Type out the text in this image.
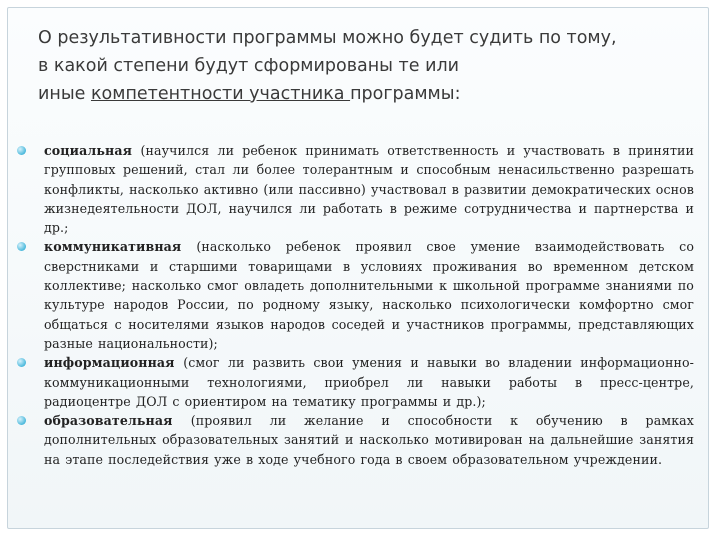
О результативности программы можно будет судить по тому,
в какой степени будут сформированы те или
иные компетентности участника программы:

социальная (научился ли ребенок принимать ответственность и участвовать в принятии групповых решений, стал ли более толерантным и способным ненасильственно разрешать конфликты, насколько активно (или пассивно) участвовал в развитии демократических основ жизнедеятельности ДОЛ, научился ли работать в режиме сотрудничества и партнерства и др.;

коммуникативная (насколько ребенок проявил свое умение взаимодействовать со сверстниками и старшими товарищами в условиях проживания во временном детском коллективе; насколько смог овладеть дополнительными к школьной программе знаниями по культуре народов России, по родному языку, насколько психологически комфортно смог общаться с носителями языков народов соседей и участников программы, представляющих разные национальности);

информационная (смог ли развить свои умения и навыки во владении информационно-коммуникационными технологиями, приобрел ли навыки работы в пресс-центре, радиоцентре ДОЛ с ориентиром на тематику программы и др.);

образовательная (проявил ли желание и способности к обучению в рамках дополнительных образовательных занятий и насколько мотивирован на дальнейшие занятия на этапе последействия уже в ходе учебного года в своем образовательном учреждении.
